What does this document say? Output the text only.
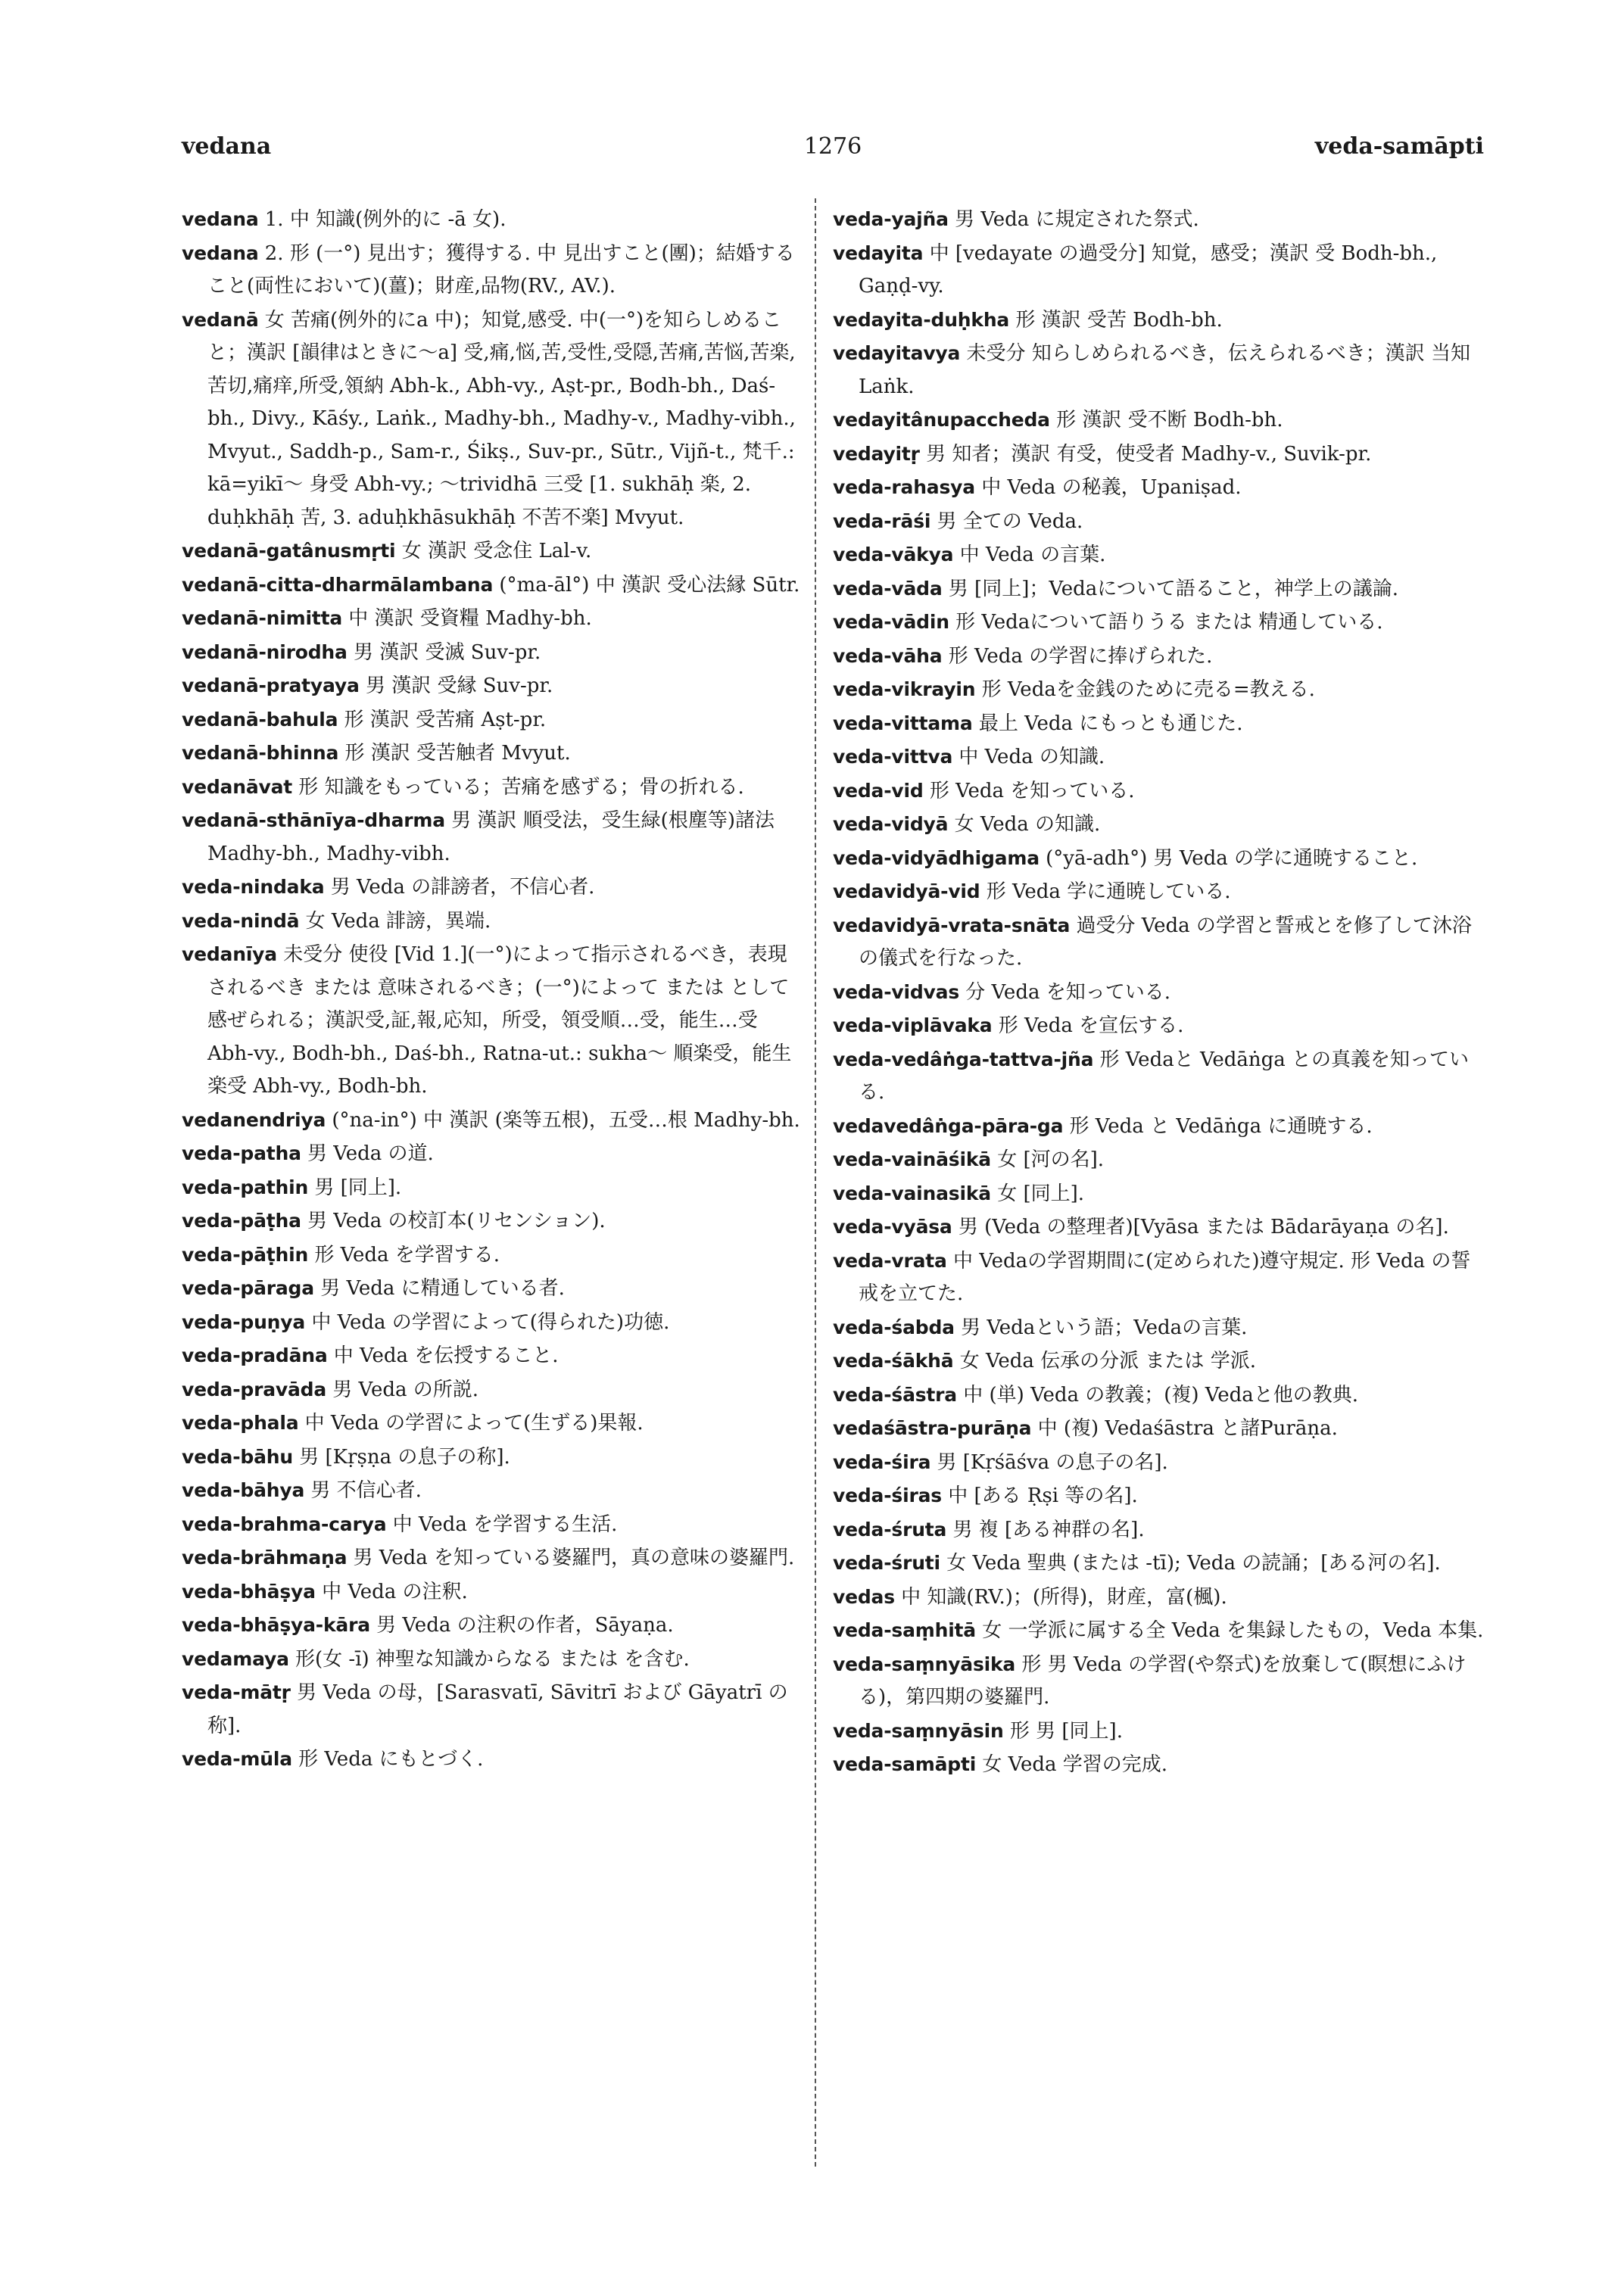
vedana	1276	veda-samāpti
vedana 1. 中 知識(例外的に -ā 女).
vedana 2. 形 (一°) 見出す；獲得する. 中 見出すこと(團)；結婚すること(両性において)(薑)；財産,品物(RV., AV.).
vedanā 女 苦痛(例外的にa 中)；知覚,感受. 中(一°)を知らしめること；漢訳 [韻律はときに～a] 受,痛,悩,苦,受性,受隠,苦痛,苦悩,苦楽,苦切,痛痒,所受,領納 Abh-k., Abh-vy., Aṣt-pr., Bodh-bh., Daś-bh., Divy., Kāśy., Laṅk., Madhy-bh., Madhy-v., Madhy-vibh., Mvyut., Saddh-p., Sam-r., Śikṣ., Suv-pr., Sūtr., Vijñ-t., 梵千.: kā=yikī～ 身受 Abh-vy.; ～trividhā 三受 [1. sukhāḥ 楽, 2. duḥkhāḥ 苦, 3. aduḥkhāsukhāḥ 不苦不楽] Mvyut.
vedanā-gatânusmṛti 女 漢訳 受念住 Lal-v.
vedanā-citta-dharmālambana (°ma-āl°) 中 漢訳 受心法縁 Sūtr.
vedanā-nimitta 中 漢訳 受資糧 Madhy-bh.
vedanā-nirodha 男 漢訳 受滅 Suv-pr.
vedanā-pratyaya 男 漢訳 受縁 Suv-pr.
vedanā-bahula 形 漢訳 受苦痛 Aṣt-pr.
vedanā-bhinna 形 漢訳 受苦触者 Mvyut.
vedanāvat 形 知識をもっている；苦痛を感ずる；骨の折れる.
vedanā-sthānīya-dharma 男 漢訳 順受法，受生緑(根塵等)諸法 Madhy-bh., Madhy-vibh.
veda-nindaka 男 Veda の誹謗者，不信心者.
veda-nindā 女 Veda 誹謗，異端.
vedanīya 未受分 使役 [Vid 1.](一°)によって指示されるべき，表現されるべき または 意味されるべき；(一°)によって または として感ぜられる；漢訳受,証,報,応知，所受，領受順…受，能生…受 Abh-vy., Bodh-bh., Daś-bh., Ratna-ut.: sukha～ 順楽受，能生楽受 Abh-vy., Bodh-bh.
vedanendriya (°na-in°) 中 漢訳 (楽等五根)，五受…根 Madhy-bh.
veda-patha 男 Veda の道.
veda-pathin 男 [同上].
veda-pāṭha 男 Veda の校訂本(リセンション).
veda-pāṭhin 形 Veda を学習する.
veda-pāraga 男 Veda に精通している者.
veda-puṇya 中 Veda の学習によって(得られた)功徳.
veda-pradāna 中 Veda を伝授すること.
veda-pravāda 男 Veda の所説.
veda-phala 中 Veda の学習によって(生ずる)果報.
veda-bāhu 男 [Kṛṣṇa の息子の称].
veda-bāhya 男 不信心者.
veda-brahma-carya 中 Veda を学習する生活.
veda-brāhmaṇa 男 Veda を知っている婆羅門，真の意味の婆羅門.
veda-bhāṣya 中 Veda の注釈.
veda-bhāṣya-kāra 男 Veda の注釈の作者，Sāyaṇa.
vedamaya 形(女 -ī) 神聖な知識からなる または を含む.
veda-mātṛ 男 Veda の母，[Sarasvatī, Sāvitrī および Gāyatrī の称].
veda-mūla 形 Veda にもとづく.
veda-yajña 男 Veda に規定された祭式.
vedayita 中 [vedayate の過受分] 知覚，感受；漢訳 受 Bodh-bh., Gaṇḍ-vy.
vedayita-duḥkha 形 漢訳 受苦 Bodh-bh.
vedayitavya 未受分 知らしめられるべき，伝えられるべき；漢訳 当知 Laṅk.
vedayitânupaccheda 形 漢訳 受不断 Bodh-bh.
vedayitṛ 男 知者；漢訳 有受，使受者 Madhy-v., Suvik-pr.
veda-rahasya 中 Veda の秘義，Upaniṣad.
veda-rāśi 男 全ての Veda.
veda-vākya 中 Veda の言葉.
veda-vāda 男 [同上]；Vedaについて語ること，神学上の議論.
veda-vādin 形 Vedaについて語りうる または 精通している.
veda-vāha 形 Veda の学習に捧げられた.
veda-vikrayin 形 Vedaを金銭のために売る=教える.
veda-vittama 最上 Veda にもっとも通じた.
veda-vittva 中 Veda の知識.
veda-vid 形 Veda を知っている.
veda-vidyā 女 Veda の知識.
veda-vidyādhigama (°yā-adh°) 男 Veda の学に通暁すること.
vedavidyā-vid 形 Veda 学に通暁している.
vedavidyā-vrata-snāta 過受分 Veda の学習と誓戒とを修了して沐浴の儀式を行なった.
veda-vidvas 分 Veda を知っている.
veda-viplāvaka 形 Veda を宣伝する.
veda-vedâṅga-tattva-jña 形 Vedaと Vedāṅga との真義を知っている.
vedavedâṅga-pāra-ga 形 Veda と Vedāṅga に通暁する.
veda-vaināśikā 女 [河の名].
veda-vainasikā 女 [同上].
veda-vyāsa 男 (Veda の整理者)[Vyāsa または Bādarāyaṇa の名].
veda-vrata 中 Vedaの学習期間に(定められた)遵守規定. 形 Veda の誓戒を立てた.
veda-śabda 男 Vedaという語；Vedaの言葉.
veda-śākhā 女 Veda 伝承の分派 または 学派.
veda-śāstra 中 (単) Veda の教義；(複) Vedaと他の教典.
vedaśāstra-purāṇa 中 (複) Vedaśāstra と諸Purāṇa.
veda-śira 男 [Kṛśāśva の息子の名].
veda-śiras 中 [ある Ṛṣi 等の名].
veda-śruta 男 複 [ある神群の名].
veda-śruti 女 Veda 聖典 (または -tī); Veda の読誦；[ある河の名].
vedas 中 知識(RV.)；(所得)，財産，富(楓).
veda-saṃhitā 女 一学派に属する全 Veda を集録したもの，Veda 本集.
veda-saṃnyāsika 形 男 Veda の学習(や祭式)を放棄して(瞑想にふける)，第四期の婆羅門.
veda-saṃnyāsin 形 男 [同上].
veda-samāpti 女 Veda 学習の完成.
